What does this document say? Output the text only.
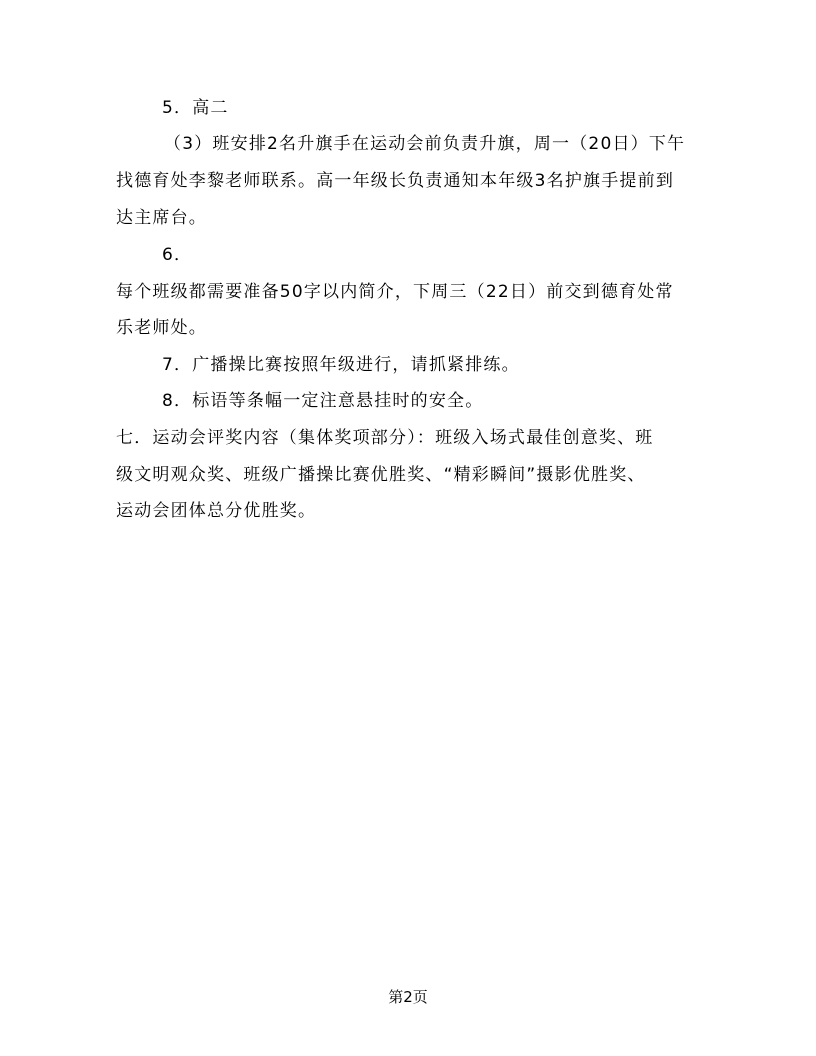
5．高二
（3）班安排2名升旗手在运动会前负责升旗，周一（20日）下午
找德育处李黎老师联系。高一年级长负责通知本年级3名护旗手提前到
达主席台。
6．
每个班级都需要准备50字以内简介，下周三（22日）前交到德育处常
乐老师处。
7．广播操比赛按照年级进行，请抓紧排练。
8．标语等条幅一定注意悬挂时的安全。
七．运动会评奖内容（集体奖项部分）：班级入场式最佳创意奖、班
级文明观众奖、班级广播操比赛优胜奖、“精彩瞬间”摄影优胜奖、
运动会团体总分优胜奖。
第2页
